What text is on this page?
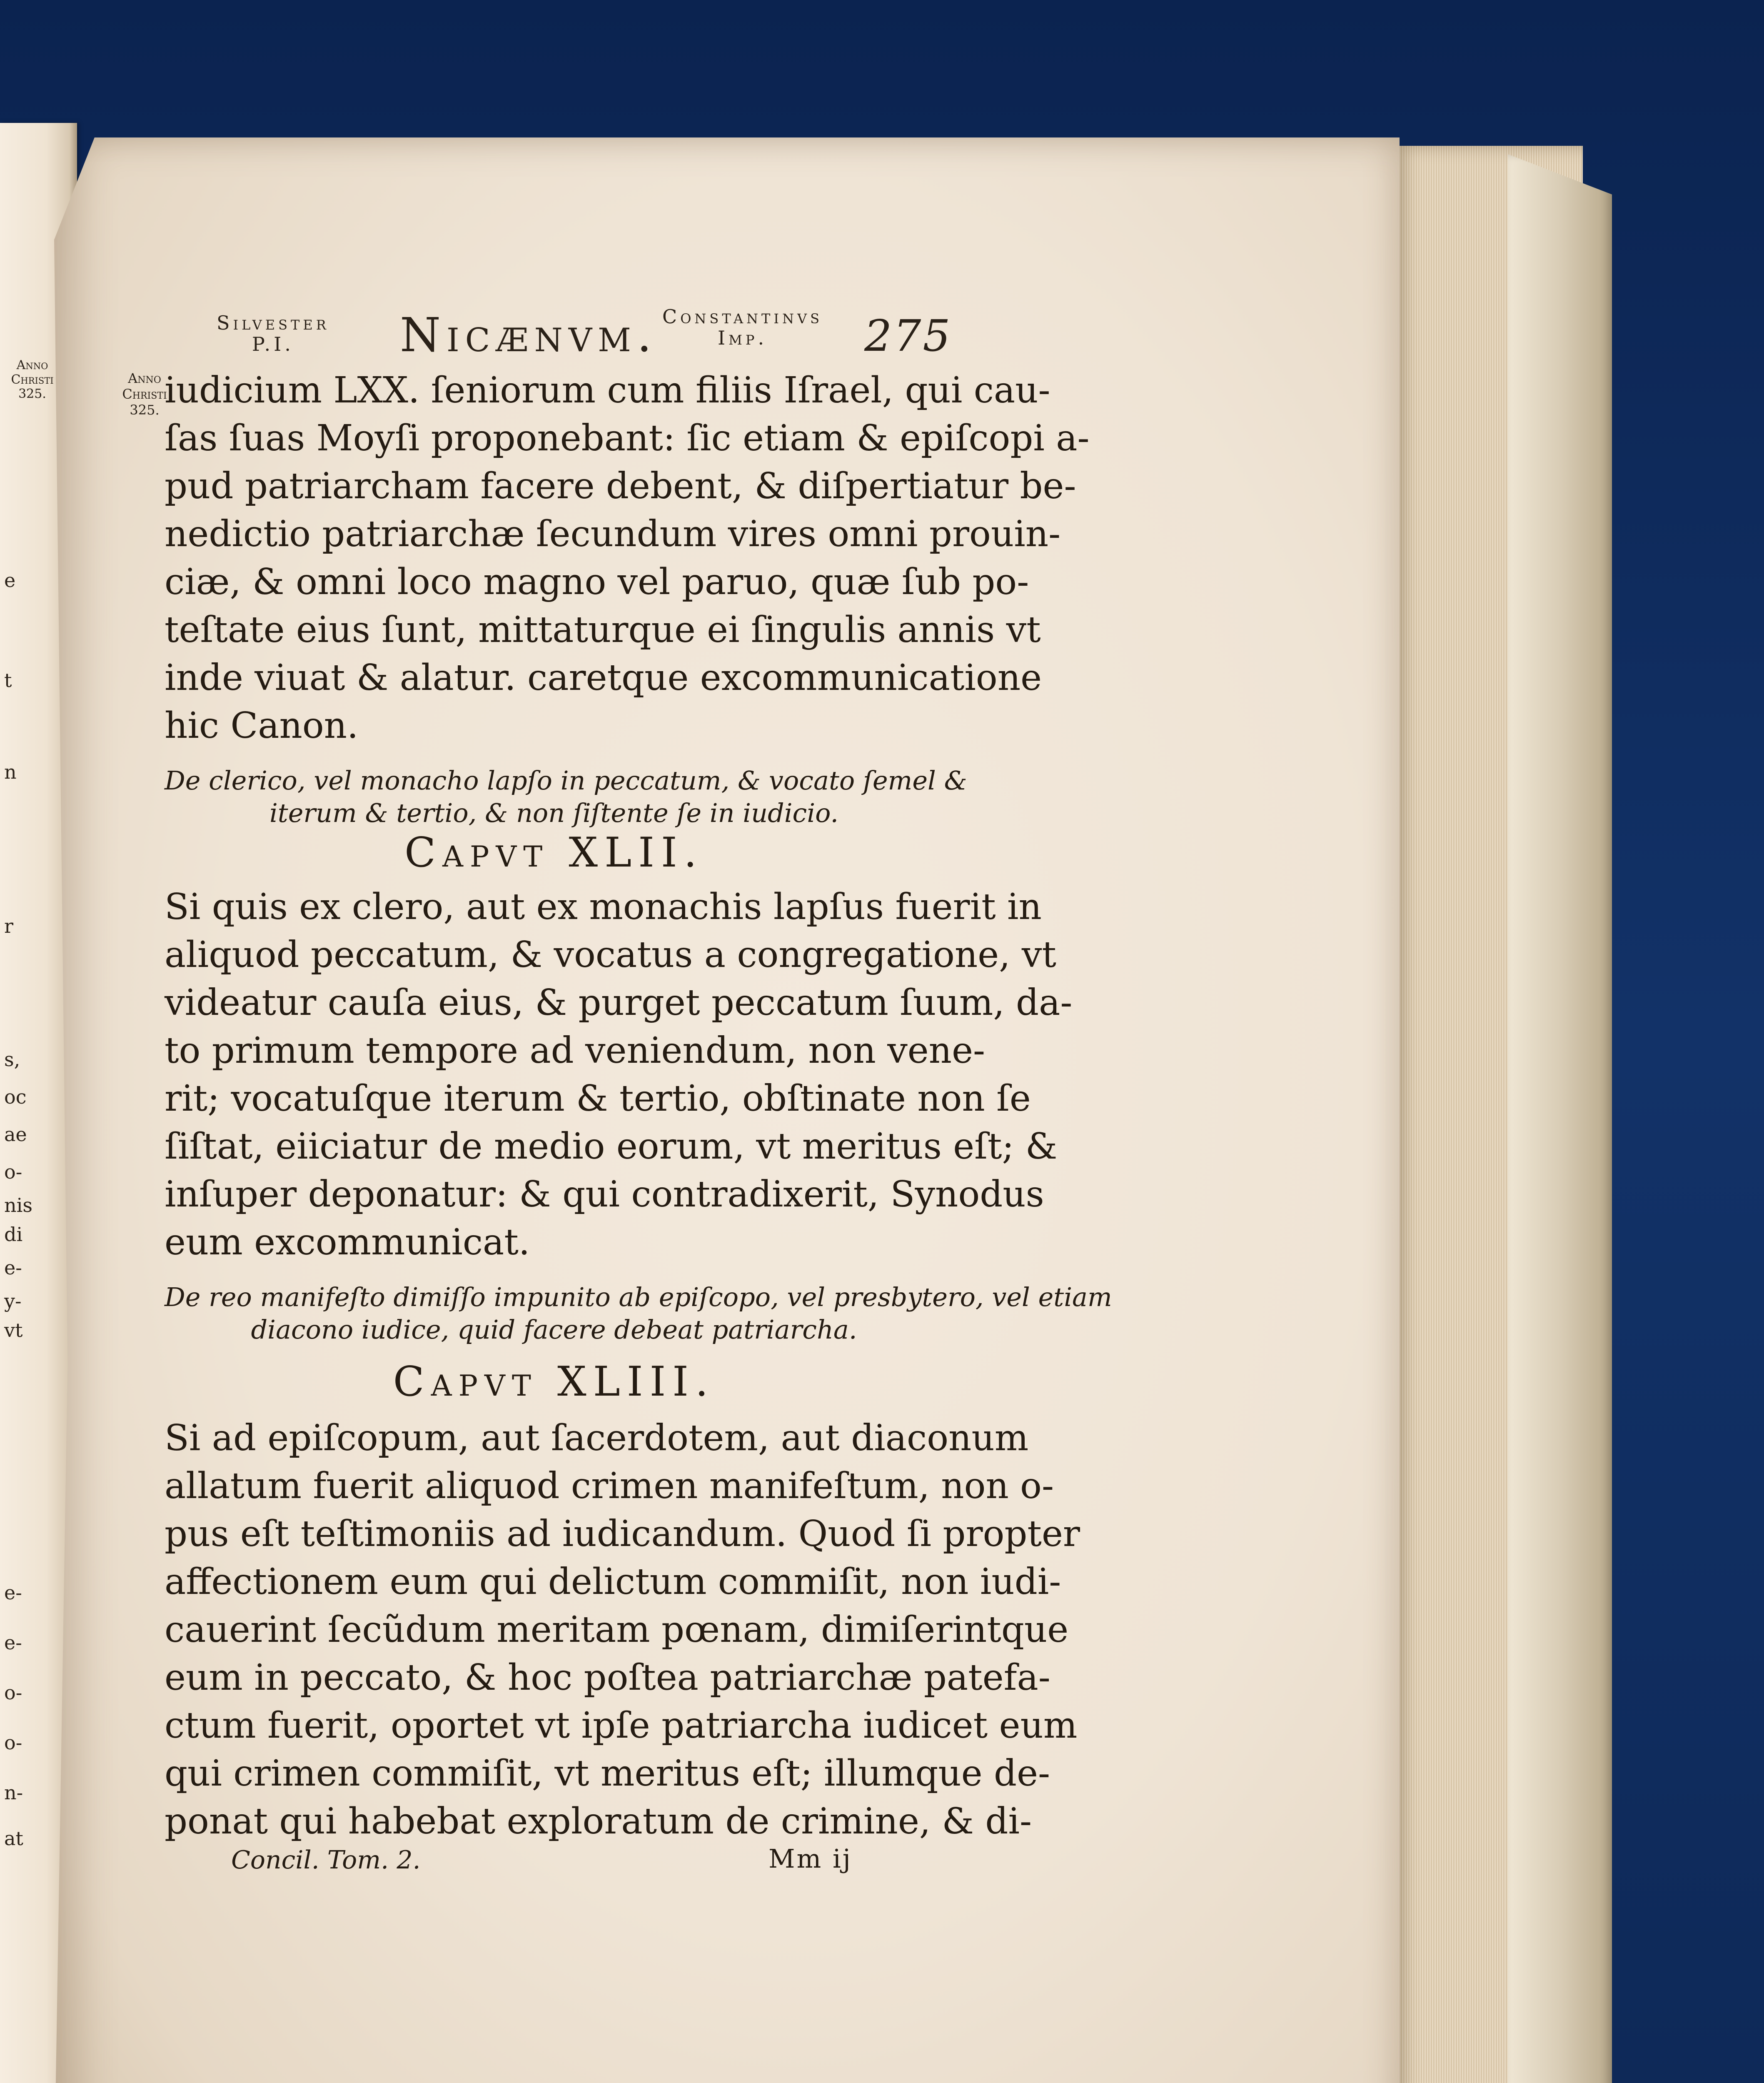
Anno
Christi
325.
e
t
n
r
s,
oc
ae
o-
nis
di
e-
y-
vt
e-
e-
o-
o-
n-
at
Silvester
P.I.	Nicænvm. Constantinvs
Imp.	275
Anno
Christi
325. iudicium LXX. ſeniorum cum filiis Iſrael, qui cau-
ſas ſuas Moyſi proponebant: ſic etiam & epiſcopi a-
pud patriarcham facere debent, & diſpertiatur be-
nedictio patriarchæ ſecundum vires omni prouin-
ciæ, & omni loco magno vel paruo, quæ ſub po-
teſtate eius ſunt, mittaturque ei ſingulis annis vt
inde viuat & alatur. caretque excommunicatione
hic Canon.
De clerico, vel monacho lapſo in peccatum, & vocato ſemel &
iterum & tertio, & non ſiſtente ſe in iudicio.
Capvt XLII.
Si quis ex clero, aut ex monachis lapſus fuerit in
aliquod peccatum, & vocatus a congregatione, vt
videatur cauſa eius, & purget peccatum ſuum, da-
to primum tempore ad veniendum, non vene-
rit; vocatuſque iterum & tertio, obſtinate non ſe
ſiſtat, eiiciatur de medio eorum, vt meritus eſt; &
inſuper deponatur: & qui contradixerit, Synodus
eum excommunicat.
De reo manifeſto dimiſſo impunito ab epiſcopo, vel presbytero, vel etiam
diacono iudice, quid facere debeat patriarcha.
Capvt XLIII.
Si ad epiſcopum, aut ſacerdotem, aut diaconum
allatum fuerit aliquod crimen manifeſtum, non o-
pus eſt teſtimoniis ad iudicandum. Quod ſi propter
affectionem eum qui delictum commiſit, non iudi-
cauerint ſecũdum meritam pœnam, dimiſerintque
eum in peccato, & hoc poſtea patriarchæ patefa-
ctum fuerit, oportet vt ipſe patriarcha iudicet eum
qui crimen commiſit, vt meritus eſt; illumque de-
ponat qui habebat exploratum de crimine, & di-
Concil. Tom. 2.	Mm ij
